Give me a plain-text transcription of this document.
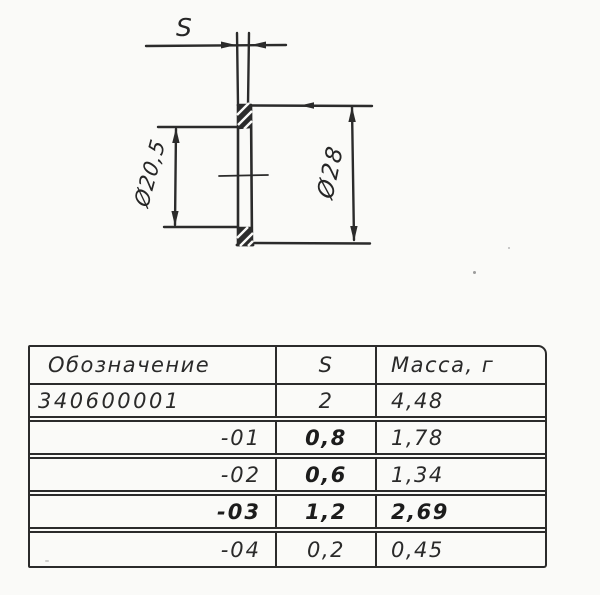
S
Ø20,5	Ø28
Обозначение	S	Масса, г
340600001	2	4,48
-01	0,8	1,78
-02	0,6	1,34
-03	1,2	2,69
-04	0,2	0,45
